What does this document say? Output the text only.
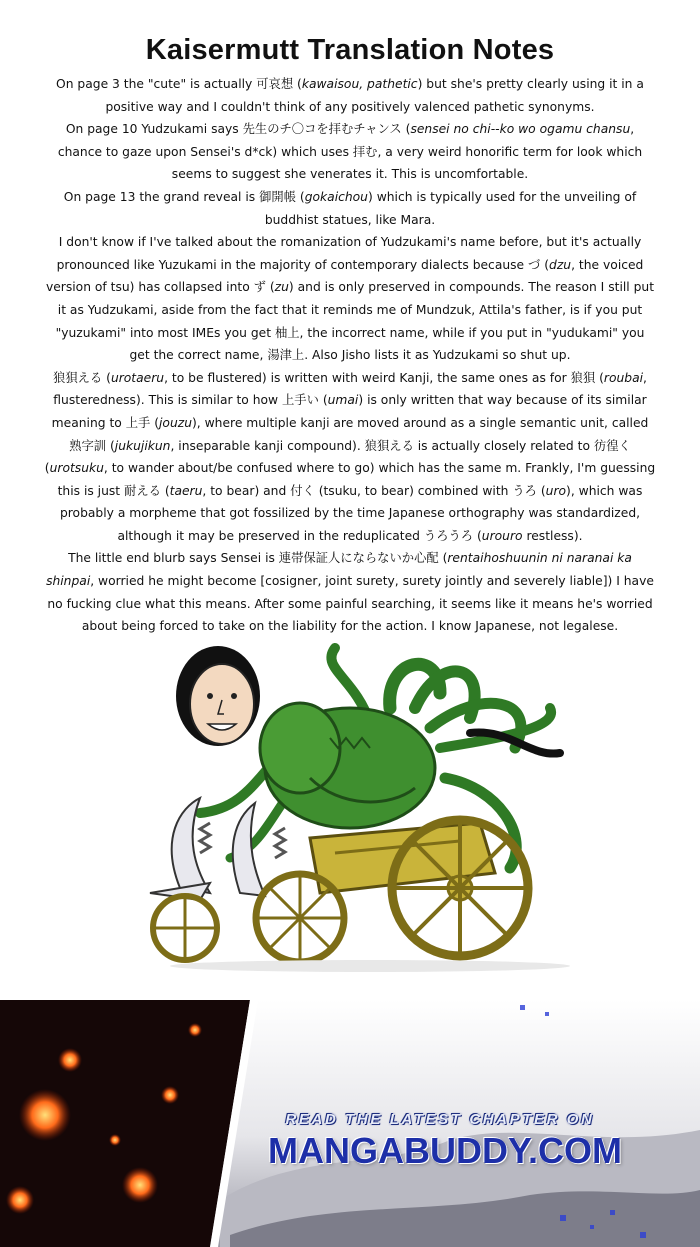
Kaisermutt Translation Notes

On page 3 the "cute" is actually 可哀想 (kawaisou, pathetic) but she's pretty clearly using it in a positive way and I couldn't think of any positively valenced pathetic synonyms.

On page 10 Yudzukami says 先生のチ〇コを拝むチャンス (sensei no chi--ko wo ogamu chansu, chance to gaze upon Sensei's d*ck) which uses 拝む, a very weird honorific term for look which seems to suggest she venerates it. This is uncomfortable.

On page 13 the grand reveal is 御開帳 (gokaichou) which is typically used for the unveiling of buddhist statues, like Mara.

I don't know if I've talked about the romanization of Yudzukami's name before, but it's actually pronounced like Yuzukami in the majority of contemporary dialects because づ (dzu, the voiced version of tsu) has collapsed into ず (zu) and is only preserved in compounds. The reason I still put it as Yudzukami, aside from the fact that it reminds me of Mundzuk, Attila's father, is if you put "yuzukami" into most IMEs you get 柚上, the incorrect name, while if you put in "yudukami" you get the correct name, 湯津上. Also Jisho lists it as Yudzukami so shut up.

狼狽える (urotaeru, to be flustered) is written with weird Kanji, the same ones as for 狼狽 (roubai, flusteredness). This is similar to how 上手い (umai) is only written that way because of its similar meaning to 上手 (jouzu), where multiple kanji are moved around as a single semantic unit, called 熟字訓 (jukujikun, inseparable kanji compound). 狼狽える is actually closely related to 彷徨く (urotsuku, to wander about/be confused where to go) which has the same m. Frankly, I'm guessing this is just 耐える (taeru, to bear) and 付く (tsuku, to bear) combined with うろ (uro), which was probably a morpheme that got fossilized by the time Japanese orthography was standardized, although it may be preserved in the reduplicated うろうろ (urouro restless).

The little end blurb says Sensei is 連帯保証人にならないか心配 (rentaihoshuunin ni naranai ka shinpai, worried he might become [cosigner, joint surety, surety jointly and severely liable]) I have no fucking clue what this means. After some painful searching, it seems like it means he's worried about being forced to take on the liability for the action. I know Japanese, not legalese.

READ THE LATEST CHAPTER ON
MANGABUDDY.COM
